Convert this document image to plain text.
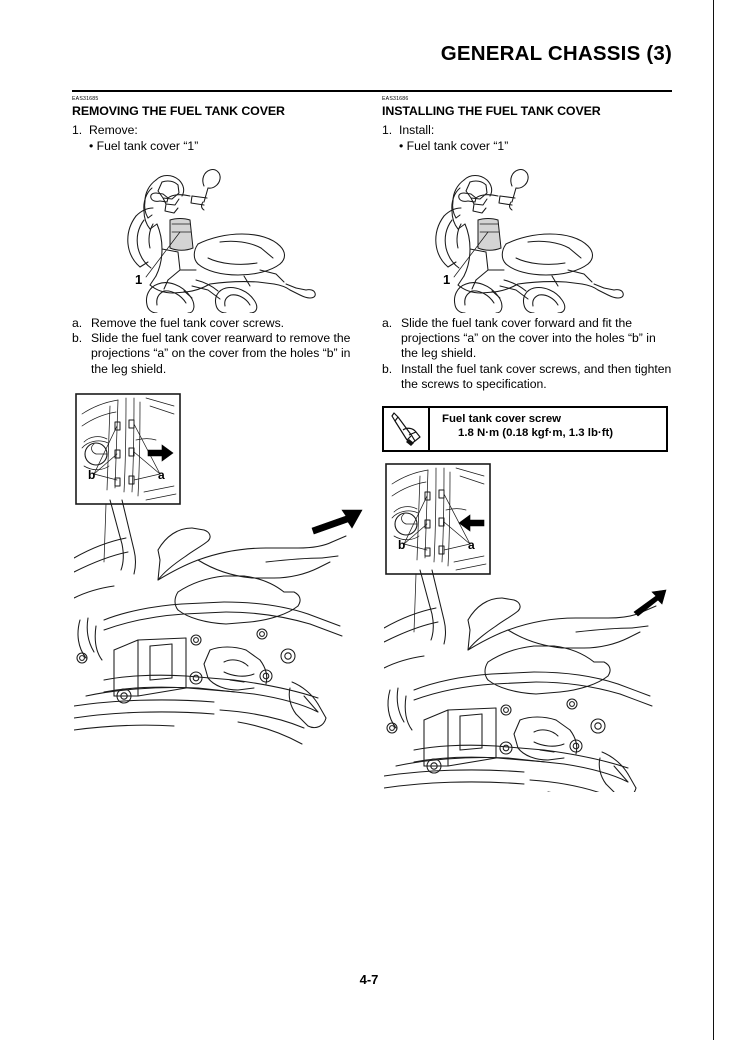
GENERAL CHASSIS (3)
EAS31685
REMOVING THE FUEL TANK COVER
1. Remove:
• Fuel tank cover “1”
1
a. Remove the fuel tank cover screws.
b. Slide the fuel tank cover rearward to remove the projections “a” on the cover from the holes “b” in the leg shield.
b	a
EAS31686
INSTALLING THE FUEL TANK COVER
1. Install:
• Fuel tank cover “1”
1
a. Slide the fuel tank cover forward and fit the projections “a” on the cover into the holes “b” in the leg shield.
b. Install the fuel tank cover screws, and then tighten the screws to specification.
Fuel tank cover screw
1.8 N·m (0.18 kgf·m, 1.3 lb·ft)
b	a
4-7
